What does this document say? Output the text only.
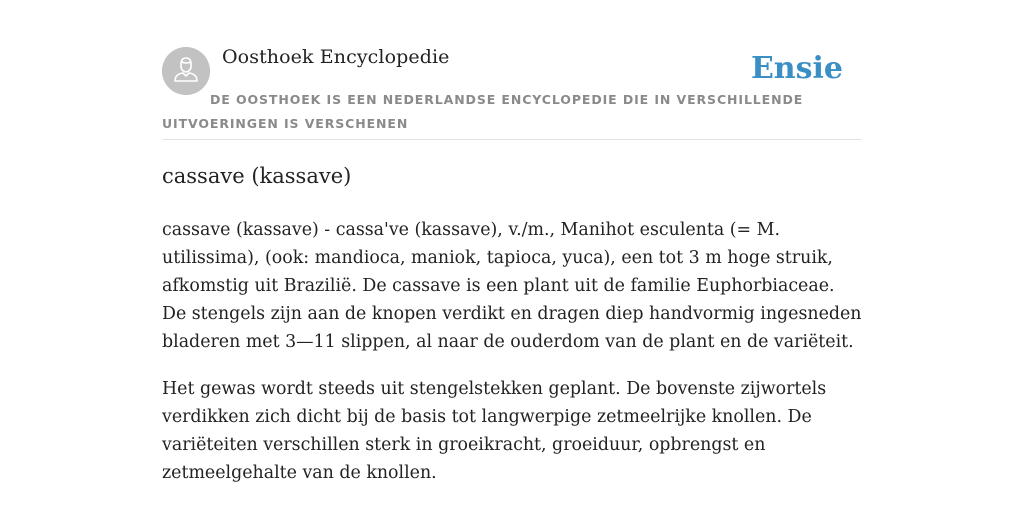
Oosthoek Encyclopedie	Ensie
DE OOSTHOEK IS EEN NEDERLANDSE ENCYCLOPEDIE DIE IN VERSCHILLENDE UITVOERINGEN IS VERSCHENEN
cassave (kassave)

cassave (kassave) - cassa've (kassave), v./m., Manihot esculenta (= M. utilissima), (ook: mandioca, maniok, tapioca, yuca), een tot 3 m hoge struik, afkomstig uit Brazilië. De cassave is een plant uit de familie Euphorbiaceae. De stengels zijn aan de knopen verdikt en dragen diep handvormig ingesneden bladeren met 3—11 slippen, al naar de ouderdom van de plant en de variëteit.

Het gewas wordt steeds uit stengelstekken geplant. De bovenste zijwortels verdikken zich dicht bij de basis tot langwerpige zetmeelrijke knollen. De variëteiten verschillen sterk in groeikracht, groeiduur, opbrengst en zetmeelgehalte van de knollen.
